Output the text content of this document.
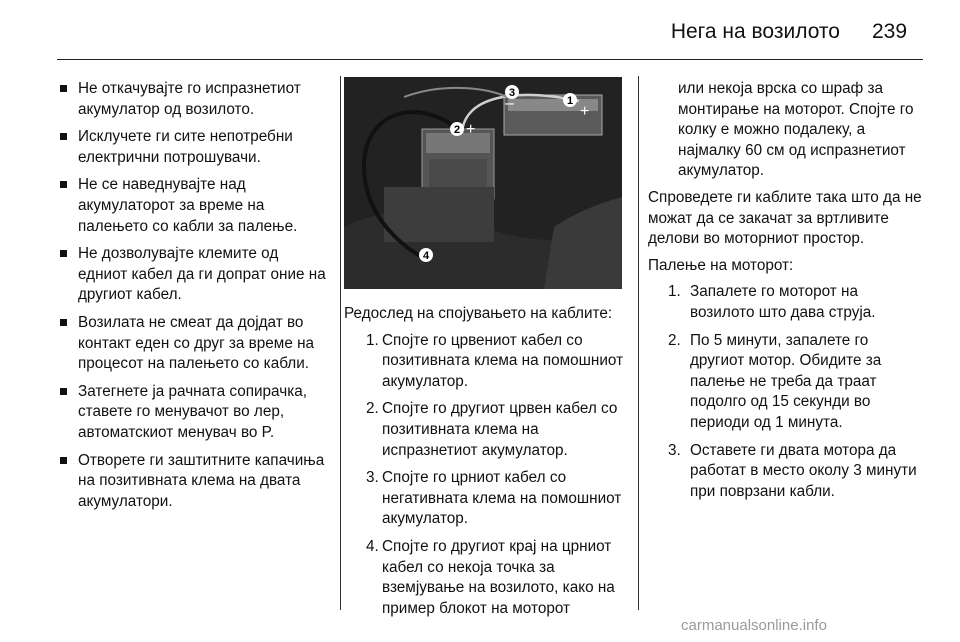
Нега на возилото 239
Не откачувајте го испразнетиот акумулатор од возилото.
Исклучете ги сите непотребни електрични потрошувачи.
Не се наведнувајте над акумулаторот за време на палењето со кабли за палење.
Не дозволувајте клемите од едниот кабел да ги допрат оние на другиот кабел.
Возилата не смеат да дојдат во контакт еден со друг за време на процесот на палењето со кабли.
Затегнете ја рачната сопирачка, ставете го менувачот во лер, автоматскиот менувач во P.
Отворете ги заштитните капачиња на позитивната клема на двата акумулатори.
1
+
2 +
3
–
4
Редослед на спојувањето на каблите:
1. Спојте го црвениот кабел со позитивната клема на помошниот акумулатор.
2. Спојте го другиот црвен кабел со позитивната клема на испразнетиот акумулатор.
3. Спојте го црниот кабел со негативната клема на помошниот акумулатор.
4. Спојте го другиот крај на црниот кабел со некоја точка за вземјување на возилото, како на пример блокот на моторот
или некоја врска со шраф за монтирање на моторот. Спојте го колку е можно подалеку, а најмалку 60 см од испразнетиот акумулатор.
Спроведете ги каблите така што да не можат да се закачат за вртливите делови во моторниот простор.
Палење на моторот:
1. Запалете го моторот на возилото што дава струја.
2. По 5 минути, запалете го другиот мотор. Обидите за палење не треба да траат подолго од 15 секунди во периоди од 1 минута.
3. Оставете ги двата мотора да работат в место околу 3 минути при поврзани кабли.
carmanualsonline.info
